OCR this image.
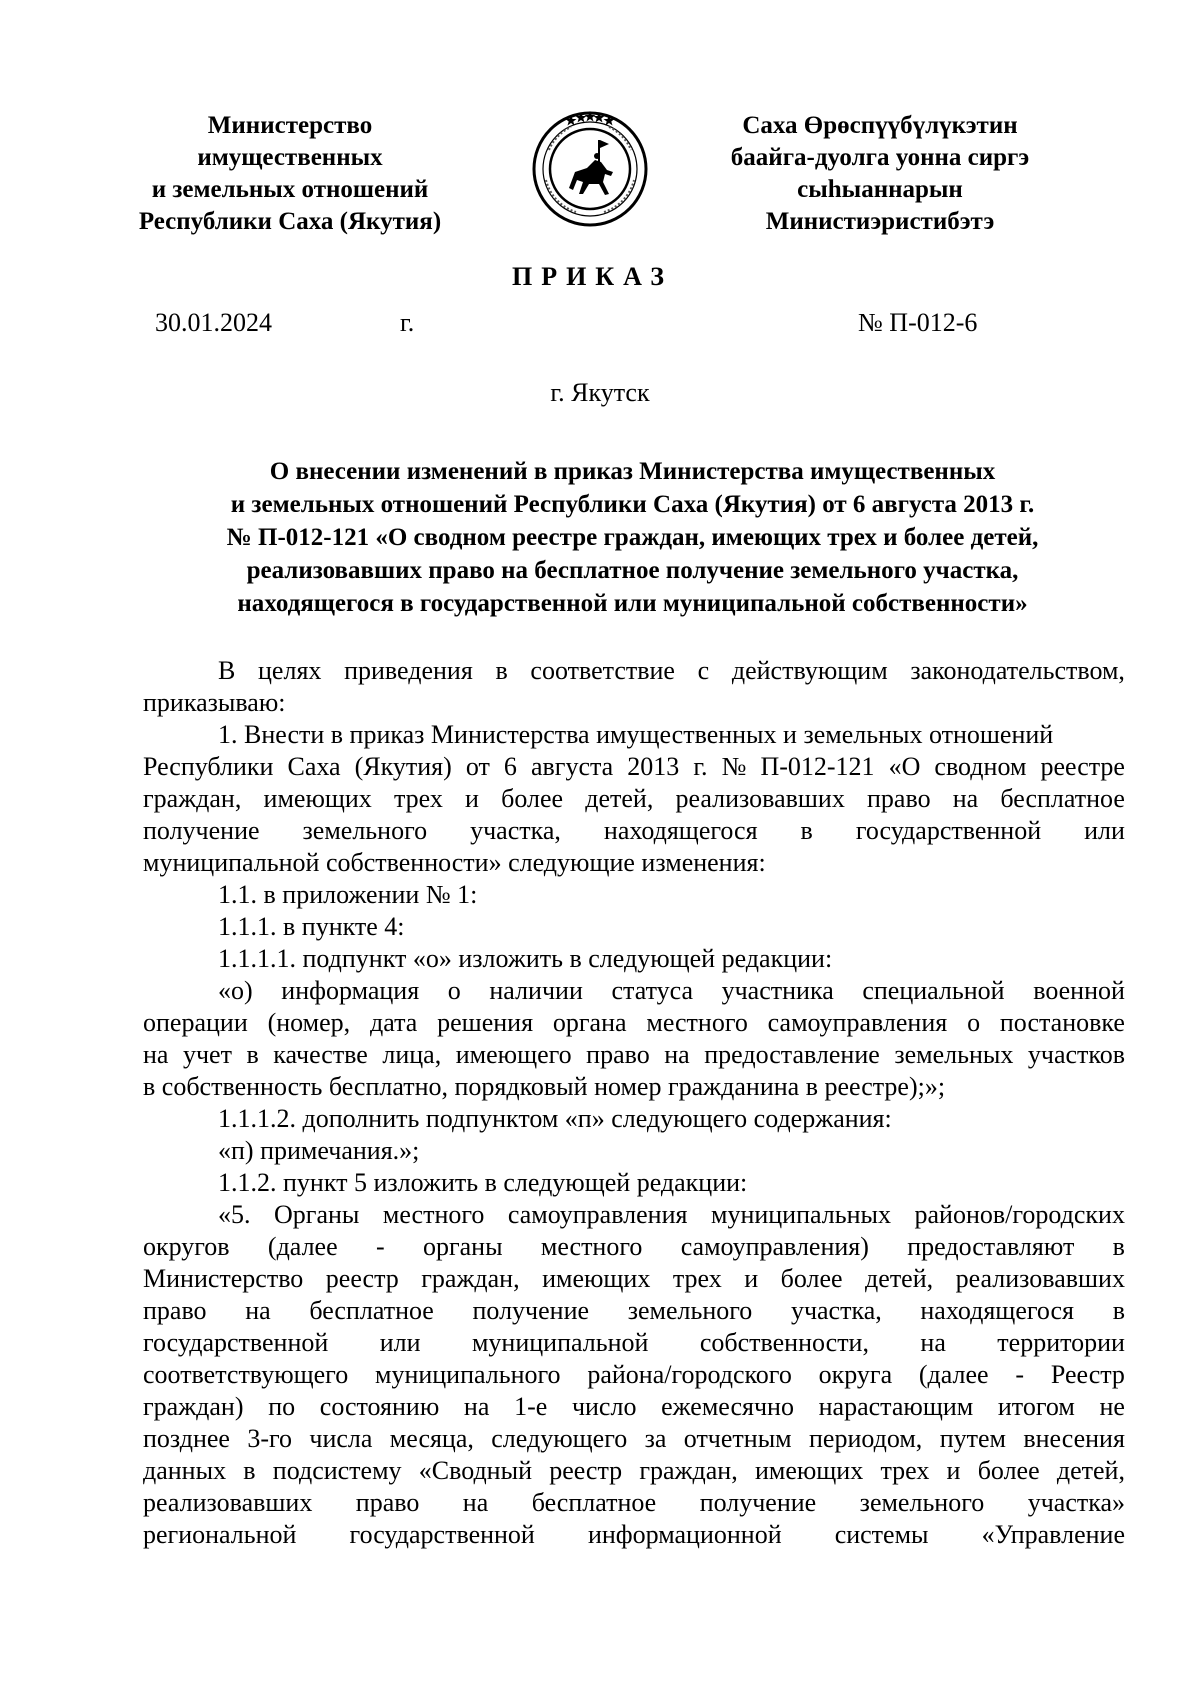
Министерство
имущественных
и земельных отношений
Республики Саха (Якутия)
Саха Өрөспүүбүлүкэтин
баайга-дуолга уонна сиргэ
сыһыаннарын
Министиэристибэтэ
ПРИКАЗ
30.01.2024	г.	№ П-012-6
г. Якутск
О внесении изменений в приказ Министерства имущественных
и земельных отношений Республики Саха (Якутия) от 6 августа 2013 г.
№ П-012-121 «О сводном реестре граждан, имеющих трех и более детей,
реализовавших право на бесплатное получение земельного участка,
находящегося в государственной или муниципальной собственности»
В целях приведения в соответствие с действующим законодательством,
приказываю:
1. Внести в приказ Министерства имущественных и земельных отношений
Республики Саха (Якутия) от 6 августа 2013 г. № П-012-121 «О сводном реестре
граждан, имеющих трех и более детей, реализовавших право на бесплатное
получение земельного участка, находящегося в государственной или
муниципальной собственности» следующие изменения:
1.1. в приложении № 1:
1.1.1. в пункте 4:
1.1.1.1. подпункт «о» изложить в следующей редакции:
«о) информация о наличии статуса участника специальной военной
операции (номер, дата решения органа местного самоуправления о постановке
на учет в качестве лица, имеющего право на предоставление земельных участков
в собственность бесплатно, порядковый номер гражданина в реестре);»;
1.1.1.2. дополнить подпунктом «п» следующего содержания:
«п) примечания.»;
1.1.2. пункт 5 изложить в следующей редакции:
«5. Органы местного самоуправления муниципальных районов/городских
округов (далее - органы местного самоуправления) предоставляют в
Министерство реестр граждан, имеющих трех и более детей, реализовавших
право на бесплатное получение земельного участка, находящегося в
государственной или муниципальной собственности, на территории
соответствующего муниципального района/городского округа (далее - Реестр
граждан) по состоянию на 1-е число ежемесячно нарастающим итогом не
позднее 3-го числа месяца, следующего за отчетным периодом, путем внесения
данных в подсистему «Сводный реестр граждан, имеющих трех и более детей,
реализовавших право на бесплатное получение земельного участка»
региональной государственной информационной системы «Управление
